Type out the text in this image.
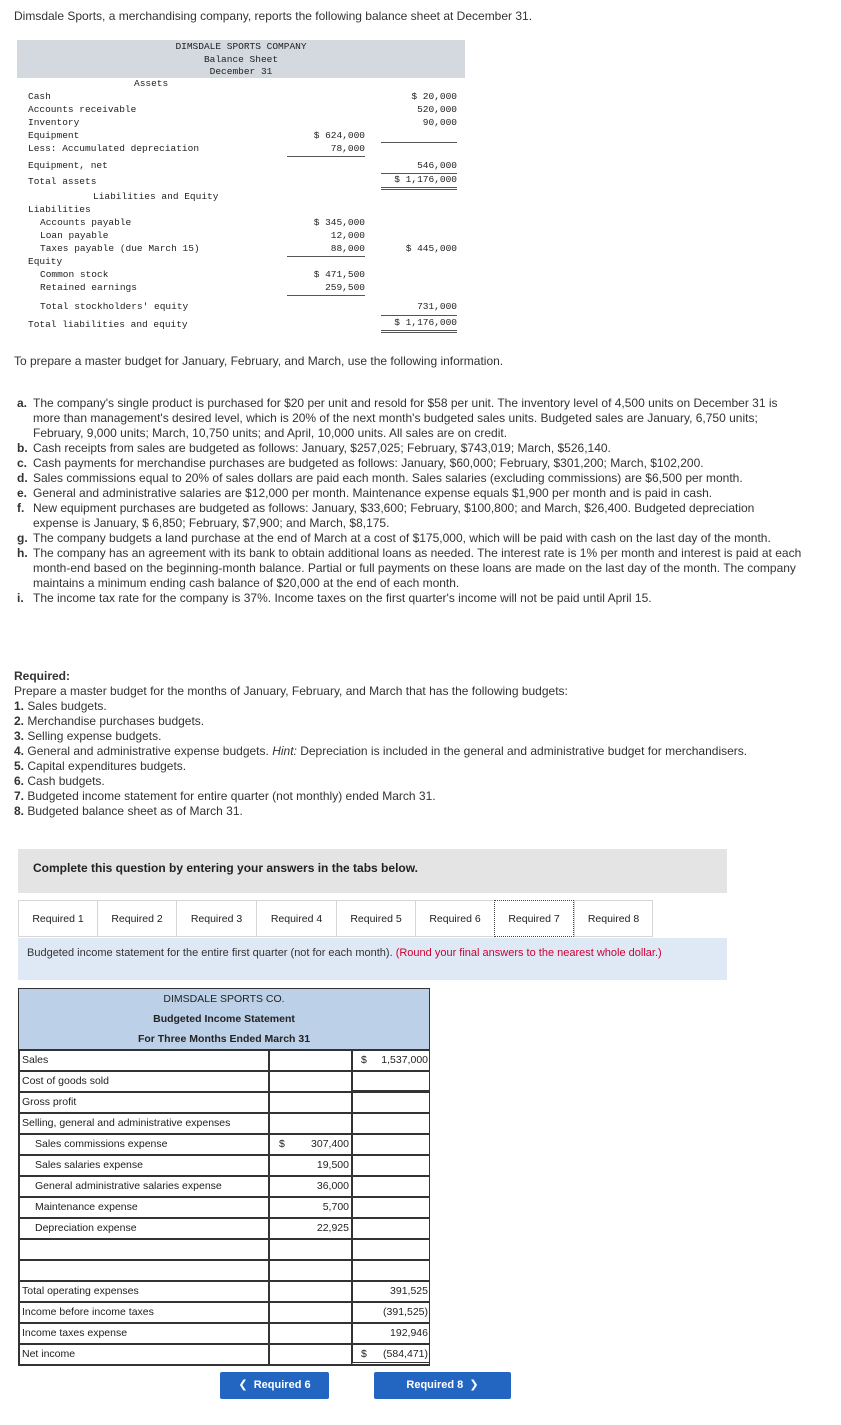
Dimsdale Sports, a merchandising company, reports the following balance sheet at December 31.
DIMSDALE SPORTS COMPANY
Balance Sheet
December 31
Assets
Cash	$ 20,000
Accounts receivable	520,000
Inventory	90,000
Equipment	$ 624,000
Less: Accumulated depreciation	78,000
Equipment, net	546,000
Total assets	$ 1,176,000
Liabilities and Equity
Liabilities
Accounts payable	$ 345,000
Loan payable	12,000
Taxes payable (due March 15)	88,000	$ 445,000
Equity
Common stock	$ 471,500
Retained earnings	259,500
Total stockholders' equity	731,000
Total liabilities and equity	$ 1,176,000
To prepare a master budget for January, February, and March, use the following information.
a. The company's single product is purchased for $20 per unit and resold for $58 per unit. The inventory level of 4,500 units on December 31 is more than management's desired level, which is 20% of the next month's budgeted sales units. Budgeted sales are January, 6,750 units; February, 9,000 units; March, 10,750 units; and April, 10,000 units. All sales are on credit.
b. Cash receipts from sales are budgeted as follows: January, $257,025; February, $743,019; March, $526,140.
c. Cash payments for merchandise purchases are budgeted as follows: January, $60,000; February, $301,200; March, $102,200.
d. Sales commissions equal to 20% of sales dollars are paid each month. Sales salaries (excluding commissions) are $6,500 per month.
e. General and administrative salaries are $12,000 per month. Maintenance expense equals $1,900 per month and is paid in cash.
f. New equipment purchases are budgeted as follows: January, $33,600; February, $100,800; and March, $26,400. Budgeted depreciation expense is January, $ 6,850; February, $7,900; and March, $8,175.
g. The company budgets a land purchase at the end of March at a cost of $175,000, which will be paid with cash on the last day of the month.
h. The company has an agreement with its bank to obtain additional loans as needed. The interest rate is 1% per month and interest is paid at each month-end based on the beginning-month balance. Partial or full payments on these loans are made on the last day of the month. The company maintains a minimum ending cash balance of $20,000 at the end of each month.
i. The income tax rate for the company is 37%. Income taxes on the first quarter's income will not be paid until April 15.
Required:
Prepare a master budget for the months of January, February, and March that has the following budgets:
1. Sales budgets.
2. Merchandise purchases budgets.
3. Selling expense budgets.
4. General and administrative expense budgets. Hint: Depreciation is included in the general and administrative budget for merchandisers.
5. Capital expenditures budgets.
6. Cash budgets.
7. Budgeted income statement for entire quarter (not monthly) ended March 31.
8. Budgeted balance sheet as of March 31.
Complete this question by entering your answers in the tabs below.
Required 1	Required 2	Required 3	Required 4	Required 5	Required 6	Required 7	Required 8
Budgeted income statement for the entire first quarter (not for each month). (Round your final answers to the nearest whole dollar.)
DIMSDALE SPORTS CO.
Budgeted Income Statement
For Three Months Ended March 31
Sales	$ 1,537,000
Cost of goods sold
Gross profit
Selling, general and administrative expenses
Sales commissions expense	$ 307,400
Sales salaries expense	19,500
General administrative salaries expense	36,000
Maintenance expense	5,700
Depreciation expense	22,925
Total operating expenses	391,525
Income before income taxes	(391,525)
Income taxes expense	192,946
Net income	$ (584,471)
❮ Required 6	Required 8 ❯
